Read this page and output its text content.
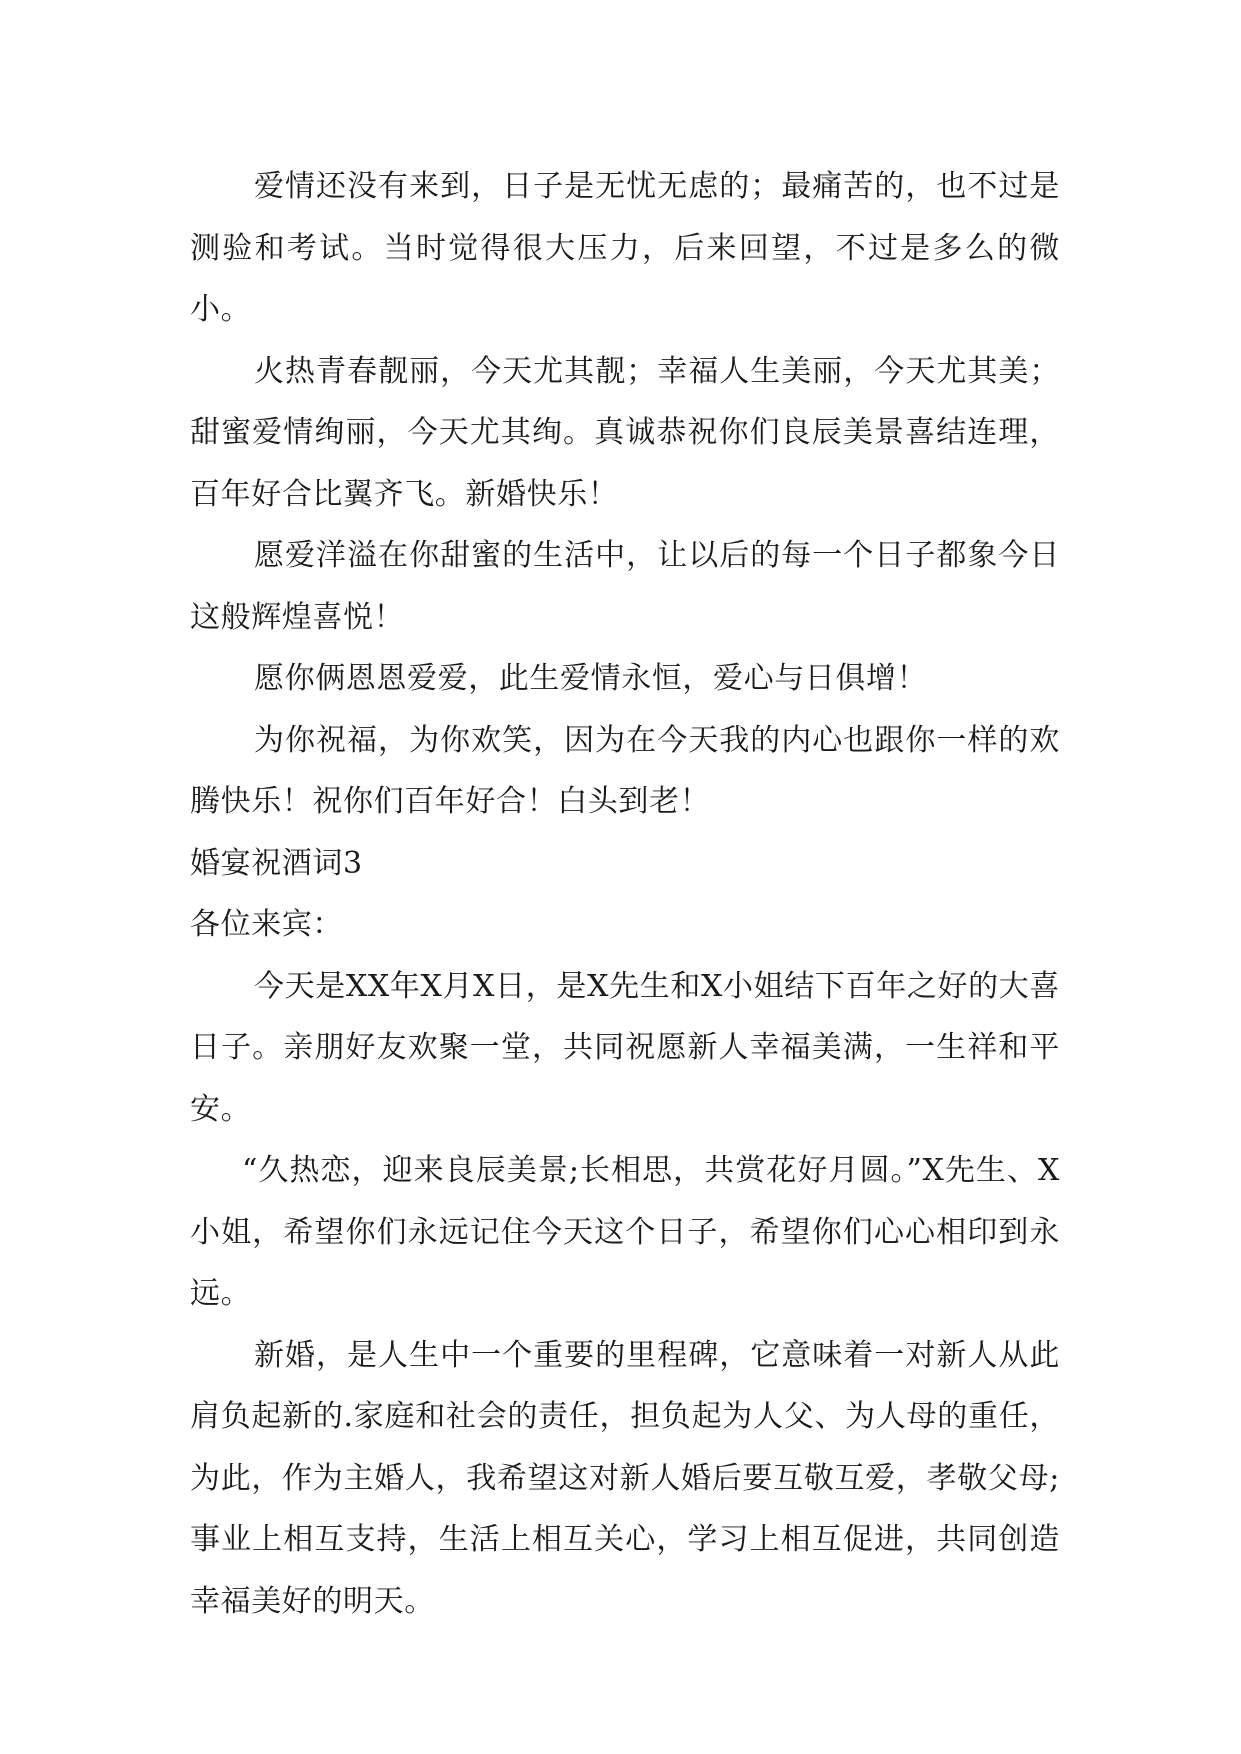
爱情还没有来到，日子是无忧无虑的；最痛苦的，也不过是测验和考试。当时觉得很大压力，后来回望，不过是多么的微小。

火热青春靓丽，今天尤其靓；幸福人生美丽，今天尤其美；甜蜜爱情绚丽，今天尤其绚。真诚恭祝你们良辰美景喜结连理，百年好合比翼齐飞。新婚快乐！

愿爱洋溢在你甜蜜的生活中，让以后的每一个日子都象今日这般辉煌喜悦！

愿你俩恩恩爱爱，此生爱情永恒，爱心与日俱增！

为你祝福，为你欢笑，因为在今天我的内心也跟你一样的欢腾快乐！祝你们百年好合！白头到老！

婚宴祝酒词3

各位来宾：

今天是XX年X月X日，是X先生和X小姐结下百年之好的大喜日子。亲朋好友欢聚一堂，共同祝愿新人幸福美满，一生祥和平安。

“久热恋，迎来良辰美景;长相思，共赏花好月圆。”X先生、X小姐，希望你们永远记住今天这个日子，希望你们心心相印到永远。

新婚，是人生中一个重要的里程碑，它意味着一对新人从此肩负起新的.家庭和社会的责任，担负起为人父、为人母的重任，为此，作为主婚人，我希望这对新人婚后要互敬互爱，孝敬父母;事业上相互支持，生活上相互关心，学习上相互促进，共同创造幸福美好的明天。
